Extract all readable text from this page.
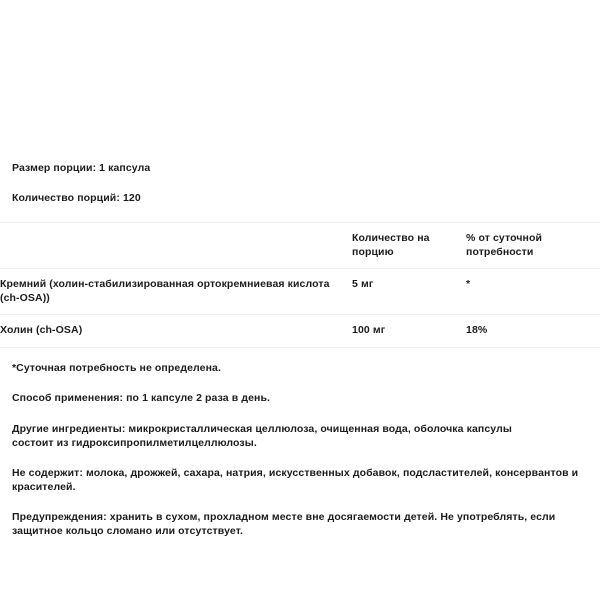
Размер порции: 1 капсула
Количество порций: 120
	Количество на порцию	% от суточной потребности
Кремний (холин-стабилизированная ортокремниевая кислота (ch-OSA))	5 мг	*
Холин (ch-OSA)	100 мг	18%
*Суточная потребность не определена.
Способ применения: по 1 капсуле 2 раза в день.
Другие ингредиенты: микрокристаллическая целлюлоза, очищенная вода, оболочка капсулы состоит из гидроксипропилметилцеллюлозы.
Не содержит: молока, дрожжей, сахара, натрия, искусственных добавок, подсластителей, консервантов и красителей.
Предупреждения: хранить в сухом, прохладном месте вне досягаемости детей. Не употреблять, если защитное кольцо сломано или отсутствует.
